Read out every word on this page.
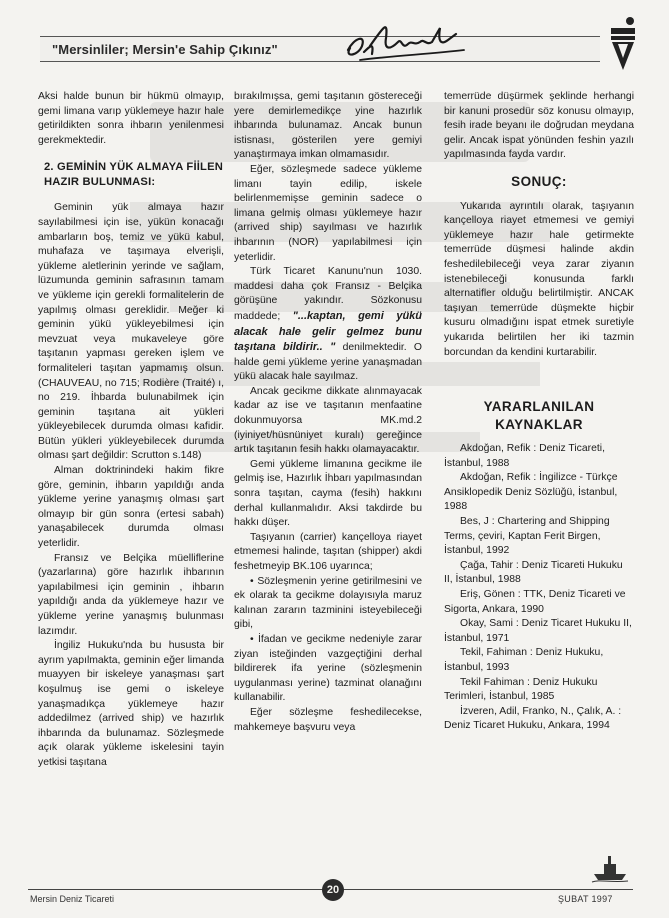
"Mersinliler; Mersin'e Sahip Çıkınız"

Aksi halde bunun bir hükmü olmayıp, gemi limana varıp yüklemeye hazır hale getirildikten sonra ihbarın yenilenmesi gerekmektedir.

2. GEMİNİN YÜK ALMAYA FİİLEN HAZIR BULUNMASI:

Geminin yük almaya hazır sayılabilmesi için ise, yükün konacağı ambarların boş, temiz ve yükü kabul, muhafaza ve taşımaya elverişli, yükleme aletlerinin yerinde ve sağlam, lüzumunda geminin safrasının tamam ve yükleme için gerekli formalitelerin de yapılmış olması gereklidir. Meğer ki geminin yükü yükleyebilmesi için mevzuat veya mukaveleye göre taşıtanın yapması gereken işlem ve formaliteleri taşıtan yapmamış olsun. (CHAUVEAU, no 715; Rodière (Traité) ı, no 219. İhbarda bulunabilmek için geminin taşıtana ait yükleri yükleyebilecek durumda olması kafidir. Bütün yükleri yükleyebilecek durumda olması şart değildir: Scrutton s.148)

Alman doktrinindeki hakim fikre göre, geminin, ihbarın yapıldığı anda yükleme yerine yanaşmış olması şart olmayıp bir gün sonra (ertesi sabah) yanaşabilecek durumda olması yeterlidir.

Fransız ve Belçika müelliflerine (yazarlarına) göre hazırlık ihbarının yapılabilmesi için geminin , ihbarın yapıldığı anda da yüklemeye hazır ve yükleme yerine yanaşmış bulunması lazımdır.

İngiliz Hukuku'nda bu hususta bir ayrım yapılmakta, geminin eğer limanda muayyen bir iskeleye yanaşması şart koşulmuş ise gemi o iskeleye yanaşmadıkça yüklemeye hazır addedilmez (arrived ship) ve hazırlık ihbarında da bulunamaz. Sözleşmede açık olarak yükleme iskelesini tayin yetkisi taşıtana

bırakılmışsa, gemi taşıtanın göstereceği yere demirlemedikçe yine hazırlık ihbarında bulunamaz. Ancak bunun istisnası, gösterilen yere gemiyi yanaştırmaya imkan olmamasıdır.

Eğer, sözleşmede sadece yükleme limanı tayin edilip, iskele belirlenmemişse geminin sadece o limana gelmiş olması yüklemeye hazır (arrived ship) sayılması ve hazırlık ihbarının (NOR) yapılabilmesi için yeterlidir.

Türk Ticaret Kanunu'nun 1030. maddesi daha çok Fransız - Belçika görüşüne yakındır. Sözkonusu maddede; "...kaptan, gemi yükü alacak hale gelir gelmez bunu taşıtana bildirir.. " denilmektedir. O halde gemi yükleme yerine yanaşmadan yükü alacak hale sayılmaz.

Ancak gecikme dikkate alınmayacak kadar az ise ve taşıtanın menfaatine dokunmuyorsa MK.md.2 (iyiniyet/hüsnüniyet kuralı) gereğince artık taşıtanın fesih hakkı olamayacaktır.

Gemi yükleme limanına gecikme ile gelmiş ise, Hazırlık İhbarı yapılmasından sonra taşıtan, cayma (fesih) hakkını derhal kullanmalıdır. Aksi takdirde bu hakkı düşer.

Taşıyanın (carrier) kançelloya riayet etmemesi halinde, taşıtan (shipper) akdi feshetmeyip BK.106 uyarınca;

• Sözleşmenin yerine getirilmesini ve ek olarak ta gecikme dolayısıyla maruz kalınan zararın tazminini isteyebileceği gibi,

• İfadan ve gecikme nedeniyle zarar ziyan isteğinden vazgeçtiğini derhal bildirerek ifa yerine (sözleşmenin uygulanması yerine) tazminat olanağını kullanabilir.

Eğer sözleşme feshedilecekse, mahkemeye başvuru veya

temerrüde düşürmek şeklinde herhangi bir kanuni prosedür söz konusu olmayıp, fesih irade beyanı ile doğrudan meydana gelir. Ancak ispat yönünden feshin yazılı yapılmasında fayda vardır.

SONUÇ:

Yukarıda ayrıntılı olarak, taşıyanın kançelloya riayet etmemesi ve gemiyi yüklemeye hazır hale getirmekte temerrüde düşmesi halinde akdin feshedilebileceği veya zarar ziyanın istenebileceği konusunda farklı alternatifler olduğu belirtilmiştir. ANCAK taşıyan temerrüde düşmekte hiçbir kusuru olmadığını ispat etmek suretiyle yukarıda belirtilen her iki tazmin borcundan da kendini kurtarabilir.

YARARLANILAN
KAYNAKLAR

Akdoğan, Refik : Deniz Ticareti, İstanbul, 1988

Akdoğan, Refik : İngilizce - Türkçe Ansiklopedik Deniz Sözlüğü, İstanbul, 1988

Bes, J : Chartering and Shipping Terms, çeviri, Kaptan Ferit Birgen, İstanbul, 1992

Çağa, Tahir : Deniz Ticareti Hukuku II, İstanbul, 1988

Eriş, Gönen : TTK, Deniz Ticareti ve Sigorta, Ankara, 1990

Okay, Sami : Deniz Ticaret Hukuku II, İstanbul, 1971

Tekil, Fahiman : Deniz Hukuku, İstanbul, 1993

Tekil Fahiman : Deniz Hukuku Terimleri, İstanbul, 1985

İzveren, Adil, Franko, N., Çalık, A. : Deniz Ticaret Hukuku, Ankara, 1994

Mersin Deniz Ticareti
20
ŞUBAT 1997
